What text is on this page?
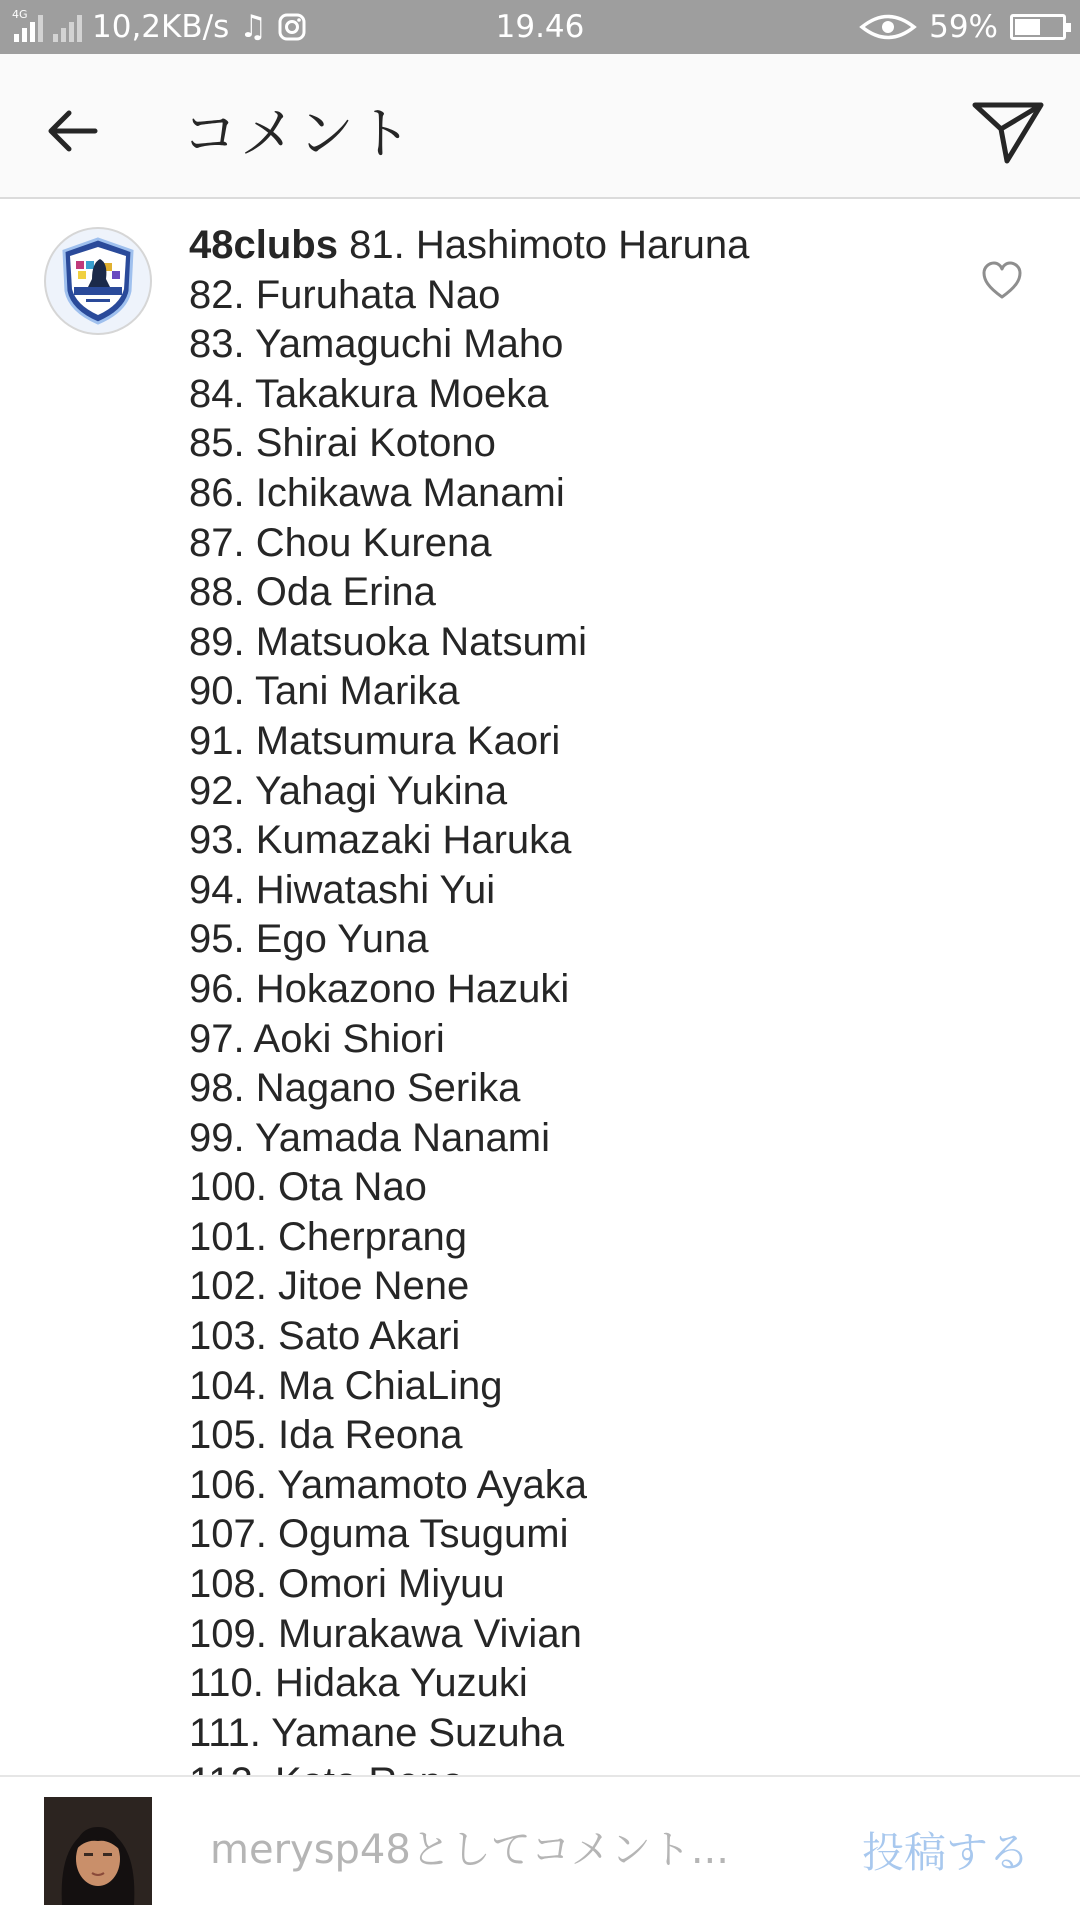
4G 10,2KB/s ♫	19.46	59%
コメント
48clubs 81. Hashimoto Haruna
82. Furuhata Nao
83. Yamaguchi Maho
84. Takakura Moeka
85. Shirai Kotono
86. Ichikawa Manami
87. Chou Kurena
88. Oda Erina
89. Matsuoka Natsumi
90. Tani Marika
91. Matsumura Kaori
92. Yahagi Yukina
93. Kumazaki Haruka
94. Hiwatashi Yui
95. Ego Yuna
96. Hokazono Hazuki
97. Aoki Shiori
98. Nagano Serika
99. Yamada Nanami
100. Ota Nao
101. Cherprang
102. Jitoe Nene
103. Sato Akari
104. Ma ChiaLing
105. Ida Reona
106. Yamamoto Ayaka
107. Oguma Tsugumi
108. Omori Miyuu
109. Murakawa Vivian
110. Hidaka Yuzuki
111. Yamane Suzuha
merysp48としてコメント...
投稿する
